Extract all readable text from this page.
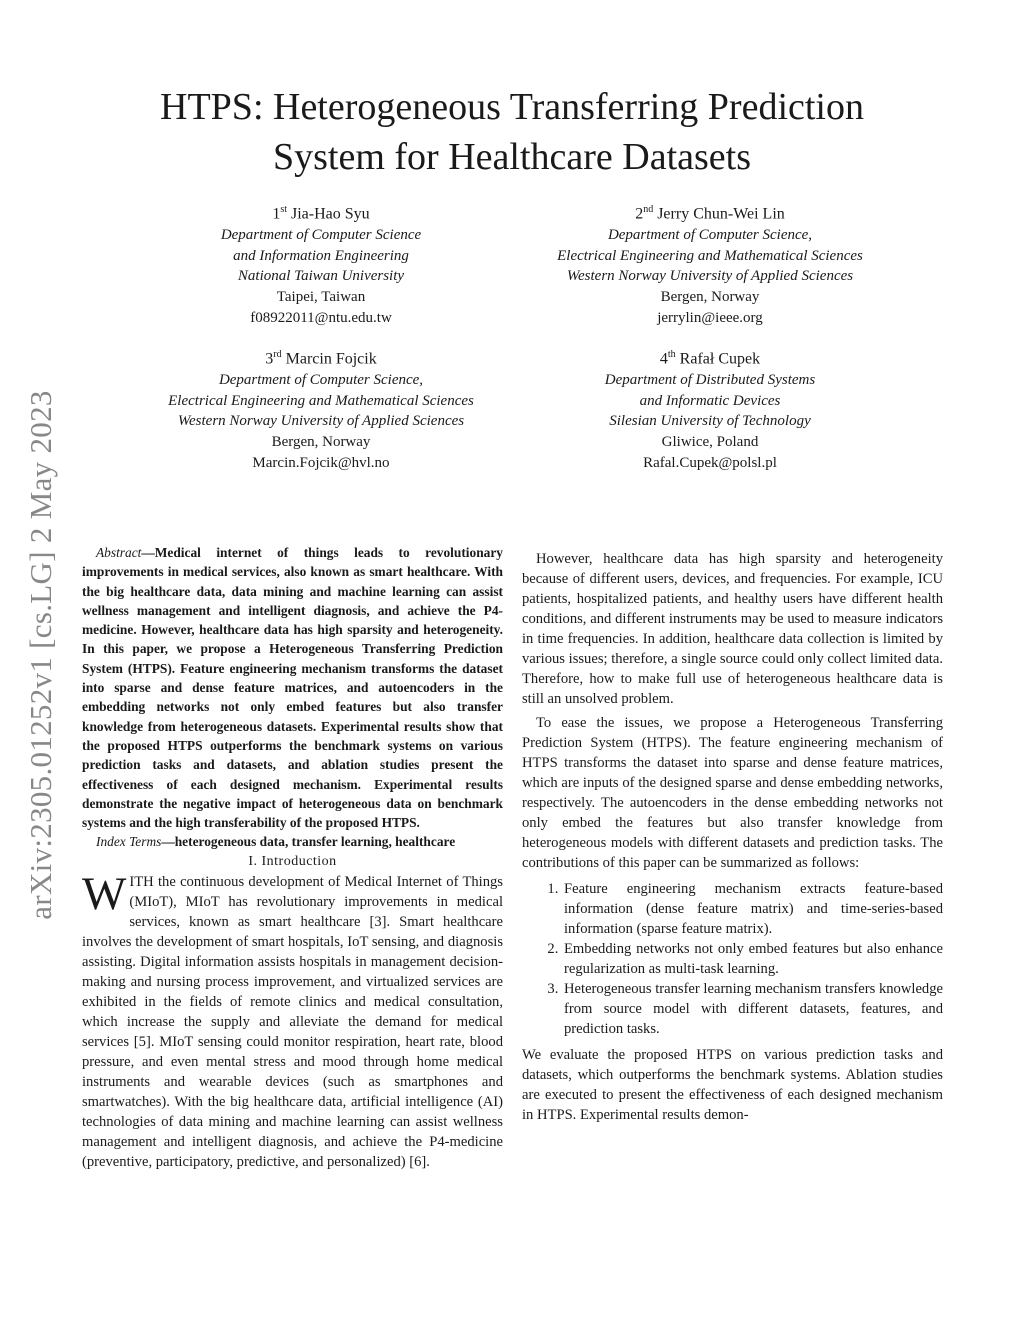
arXiv:2305.01252v1 [cs.LG] 2 May 2023
HTPS: Heterogeneous Transferring Prediction
System for Healthcare Datasets
1st Jia-Hao Syu
Department of Computer Science
and Information Engineering
National Taiwan University
Taipei, Taiwan
f08922011@ntu.edu.tw
2nd Jerry Chun-Wei Lin
Department of Computer Science,
Electrical Engineering and Mathematical Sciences
Western Norway University of Applied Sciences
Bergen, Norway
jerrylin@ieee.org
3rd Marcin Fojcik
Department of Computer Science,
Electrical Engineering and Mathematical Sciences
Western Norway University of Applied Sciences
Bergen, Norway
Marcin.Fojcik@hvl.no
4th Rafał Cupek
Department of Distributed Systems
and Informatic Devices
Silesian University of Technology
Gliwice, Poland
Rafal.Cupek@polsl.pl

Abstract—Medical internet of things leads to revolutionary improvements in medical services, also known as smart healthcare. With the big healthcare data, data mining and machine learning can assist wellness management and intelligent diagnosis, and achieve the P4-medicine. However, healthcare data has high sparsity and heterogeneity. In this paper, we propose a Heterogeneous Transferring Prediction System (HTPS). Feature engineering mechanism transforms the dataset into sparse and dense feature matrices, and autoencoders in the embedding networks not only embed features but also transfer knowledge from heterogeneous datasets. Experimental results show that the proposed HTPS outperforms the benchmark systems on various prediction tasks and datasets, and ablation studies present the effectiveness of each designed mechanism. Experimental results demonstrate the negative impact of heterogeneous data on benchmark systems and the high transferability of the proposed HTPS.

Index Terms—heterogeneous data, transfer learning, healthcare

I. Introduction

WITH the continuous development of Medical Internet of Things (MIoT), MIoT has revolutionary improvements in medical services, known as smart healthcare [3]. Smart healthcare involves the development of smart hospitals, IoT sensing, and diagnosis assisting. Digital information assists hospitals in management decision-making and nursing process improvement, and virtualized services are exhibited in the fields of remote clinics and medical consultation, which increase the supply and alleviate the demand for medical services [5]. MIoT sensing could monitor respiration, heart rate, blood pressure, and even mental stress and mood through home medical instruments and wearable devices (such as smartphones and smartwatches). With the big healthcare data, artificial intelligence (AI) technologies of data mining and machine learning can assist wellness management and intelligent diagnosis, and achieve the P4-medicine (preventive, participatory, predictive, and personalized) [6].

However, healthcare data has high sparsity and heterogeneity because of different users, devices, and frequencies. For example, ICU patients, hospitalized patients, and healthy users have different health conditions, and different instruments may be used to measure indicators in time frequencies. In addition, healthcare data collection is limited by various issues; therefore, a single source could only collect limited data. Therefore, how to make full use of heterogeneous healthcare data is still an unsolved problem.

To ease the issues, we propose a Heterogeneous Transferring Prediction System (HTPS). The feature engineering mechanism of HTPS transforms the dataset into sparse and dense feature matrices, which are inputs of the designed sparse and dense embedding networks, respectively. The autoencoders in the dense embedding networks not only embed the features but also transfer knowledge from heterogeneous models with different datasets and prediction tasks. The contributions of this paper can be summarized as follows:

1. Feature engineering mechanism extracts feature-based information (dense feature matrix) and time-series-based information (sparse feature matrix).
2. Embedding networks not only embed features but also enhance regularization as multi-task learning.
3. Heterogeneous transfer learning mechanism transfers knowledge from source model with different datasets, features, and prediction tasks.

We evaluate the proposed HTPS on various prediction tasks and datasets, which outperforms the benchmark systems. Ablation studies are executed to present the effectiveness of each designed mechanism in HTPS. Experimental results demon-
